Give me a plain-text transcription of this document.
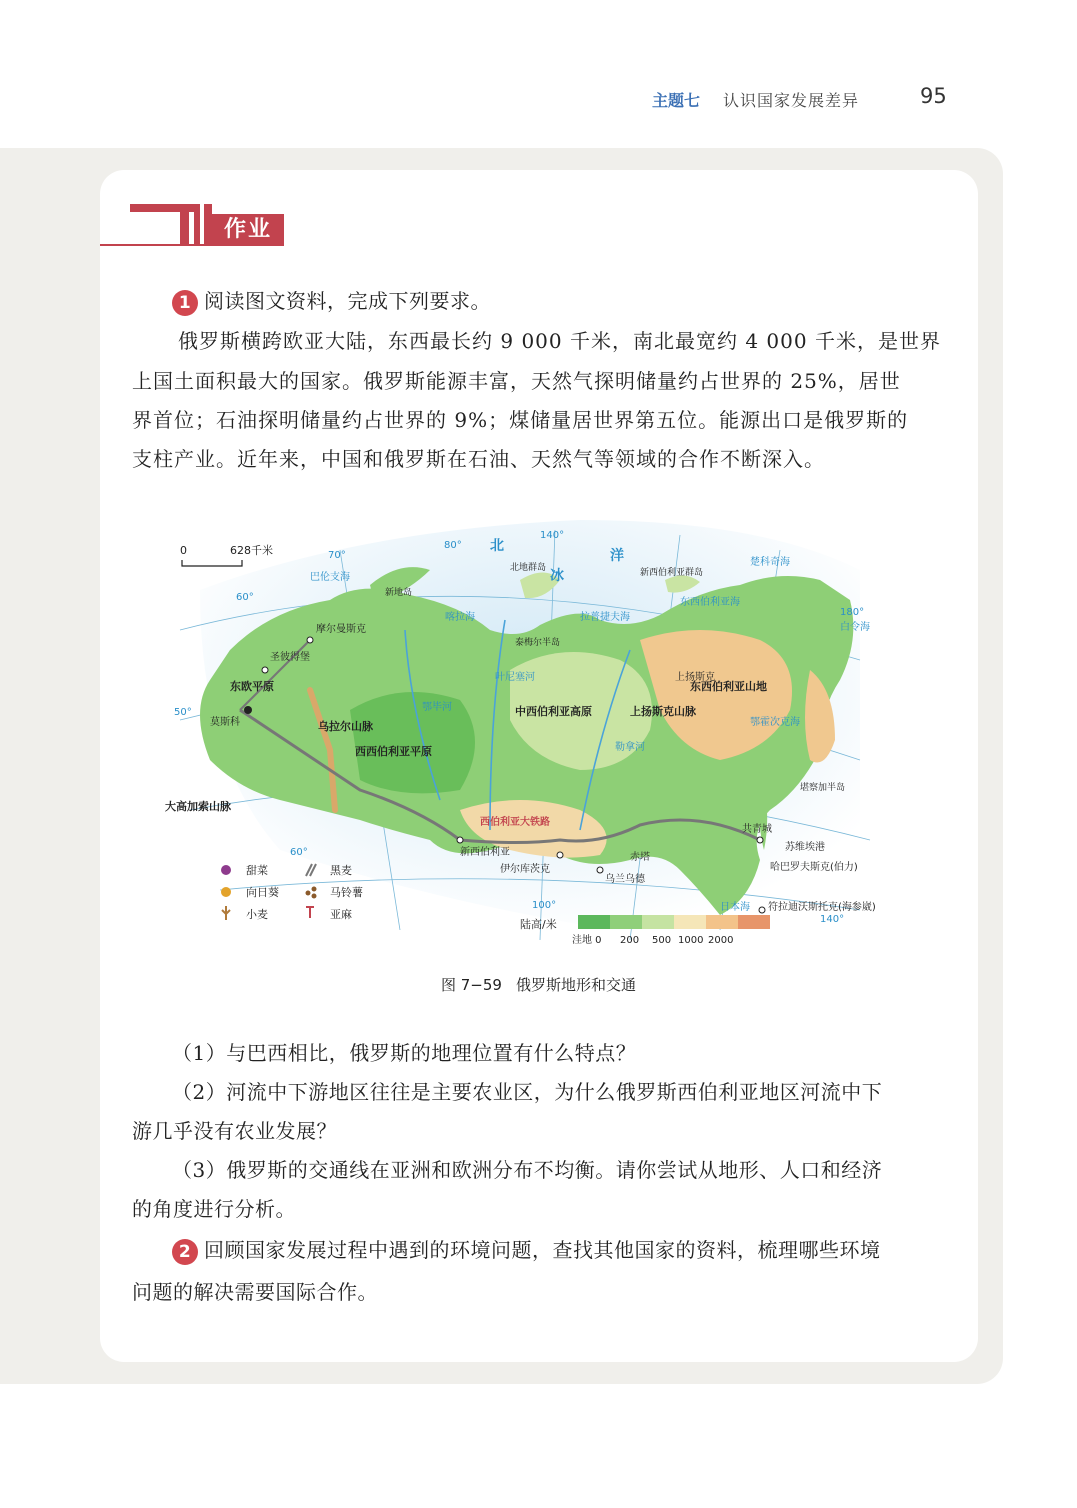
主题七 认识国家发展差异	95
作业
1 阅读图文资料，完成下列要求。
俄罗斯横跨欧亚大陆，东西最长约 9 000 千米，南北最宽约 4 000 千米，是世界
上国土面积最大的国家。俄罗斯能源丰富，天然气探明储量约占世界的 25%，居世
界首位；石油探明储量约占世界的 9%；煤储量居世界第五位。能源出口是俄罗斯的
支柱产业。近年来，中国和俄罗斯在石油、天然气等领域的合作不断深入。
0	628千米	北
冰
洋
巴伦支海
喀拉海	拉普捷夫海
东西伯利亚海
楚科奇海
白令海
鄂霍次克海
日本海
东欧平原
西西伯利亚平原
中西伯利亚高原
乌拉尔山脉
东西伯利亚山地
上扬斯克山脉
大高加索山脉
新地岛
泰梅尔半岛
北地群岛	新西伯利亚群岛
堪察加半岛
鄂毕河
叶尼塞河
勒拿河
摩尔曼斯克
圣彼得堡
莫斯科
新西伯利亚
伊尔库茨克
乌兰乌德
赤塔
共青城
苏维埃港
哈巴罗夫斯克(伯力)
符拉迪沃斯托克(海参崴)
上扬斯克
西伯利亚大铁路
甜菜	黑麦
向日葵	马铃薯
小麦	亚麻
陆高/米
洼地 0 200 500 1000 2000
50°
60°
70°
80°
140°
180°
60°
100°
140°
图 7−59 俄罗斯地形和交通
（1）与巴西相比，俄罗斯的地理位置有什么特点？
（2）河流中下游地区往往是主要农业区，为什么俄罗斯西伯利亚地区河流中下
游几乎没有农业发展？
（3）俄罗斯的交通线在亚洲和欧洲分布不均衡。请你尝试从地形、人口和经济
的角度进行分析。
2 回顾国家发展过程中遇到的环境问题，查找其他国家的资料，梳理哪些环境
问题的解决需要国际合作。
